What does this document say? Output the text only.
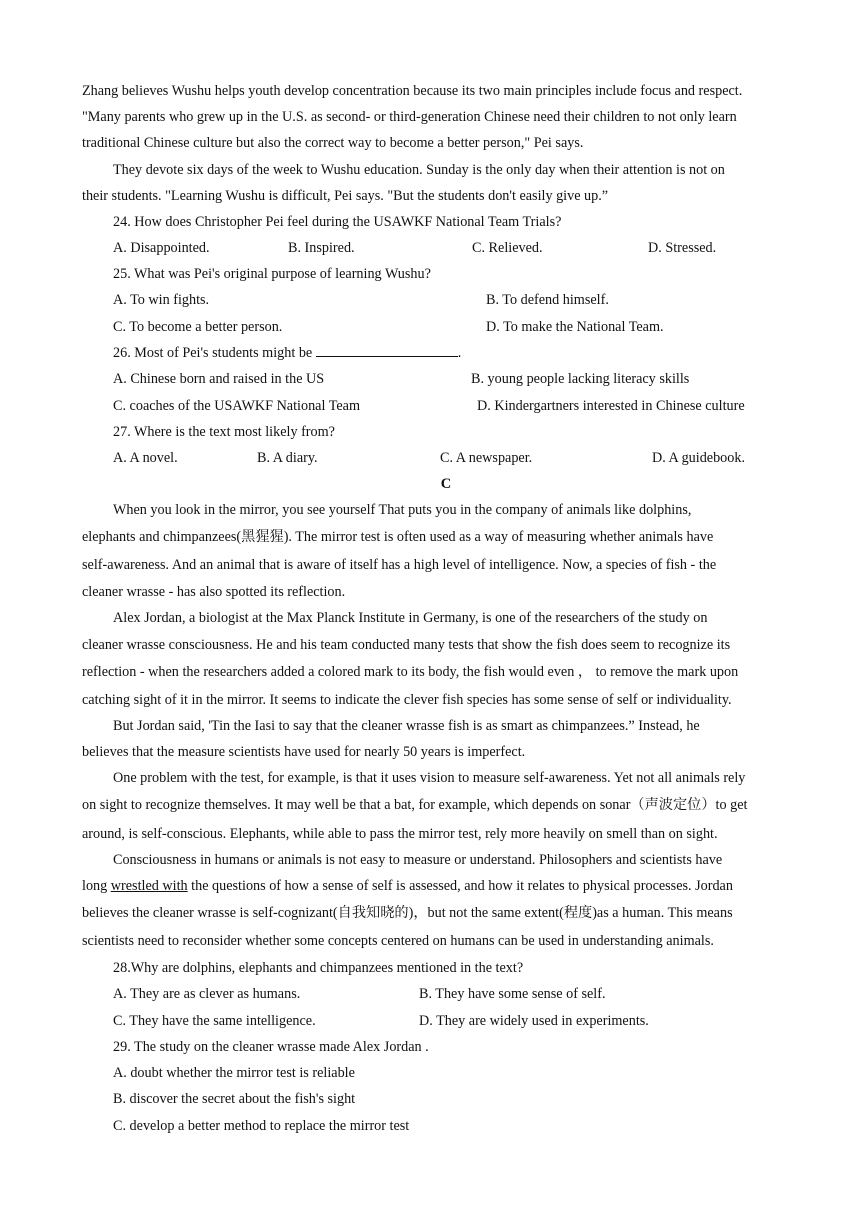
Zhang believes Wushu helps youth develop concentration because its two main principles include focus and respect.
"Many parents who grew up in the U.S. as second- or third-generation Chinese need their children to not only learn
traditional Chinese culture but also the correct way to become a better person," Pei says.
They devote six days of the week to Wushu education. Sunday is the only day when their attention is not on
their students. "Learning Wushu is difficult, Pei says. "But the students don't easily give up.”
24. How does Christopher Pei feel during the USAWKF National Team Trials?
A. Disappointed.	B. Inspired.	C. Relieved.	D. Stressed.
25. What was Pei's original purpose of learning Wushu?
A. To win fights.	B. To defend himself.
C. To become a better person.	D. To make the National Team.
26. Most of Pei's students might be	.
A. Chinese born and raised in the US	B. young people lacking literacy skills
C. coaches of the USAWKF National Team	D. Kindergartners interested in Chinese culture
27. Where is the text most likely from?
A. A novel.	B. A diary.	C. A newspaper.	D. A guidebook.
C
When you look in the mirror, you see yourself That puts you in the company of animals like dolphins,
elephants and chimpanzees(黑猩猩). The mirror test is often used as a way of measuring whether animals have
self-awareness. And an animal that is aware of itself has a high level of intelligence. Now, a species of fish - the
cleaner wrasse - has also spotted its reflection.
Alex Jordan, a biologist at the Max Planck Institute in Germany, is one of the researchers of the study on
cleaner wrasse consciousness. He and his team conducted many tests that show the fish does seem to recognize its
reflection - when the researchers added a colored mark to its body, the fish would even ， to remove the mark upon
catching sight of it in the mirror. It seems to indicate the clever fish species has some sense of self or individuality.
But Jordan said, 'Tin the Iasi to say that the cleaner wrasse fish is as smart as chimpanzees.” Instead, he
believes that the measure scientists have used for nearly 50 years is imperfect.
One problem with the test, for example, is that it uses vision to measure self-awareness. Yet not all animals rely
on sight to recognize themselves. It may well be that a bat, for example, which depends on sonar（声波定位）to get
around, is self-conscious. Elephants, while able to pass the mirror test, rely more heavily on smell than on sight.
Consciousness in humans or animals is not easy to measure or understand. Philosophers and scientists have
long wrestled with the questions of how a sense of self is assessed, and how it relates to physical processes. Jordan
believes the cleaner wrasse is self-cognizant(自我知晓的)，but not the same extent(程度)as a human. This means
scientists need to reconsider whether some concepts centered on humans can be used in understanding animals.
28.Why are dolphins, elephants and chimpanzees mentioned in the text?
A. They are as clever as humans.	B. They have some sense of self.
C. They have the same intelligence.	D. They are widely used in experiments.
29. The study on the cleaner wrasse made Alex Jordan .
A. doubt whether the mirror test is reliable
B. discover the secret about the fish's sight
C. develop a better method to replace the mirror test
